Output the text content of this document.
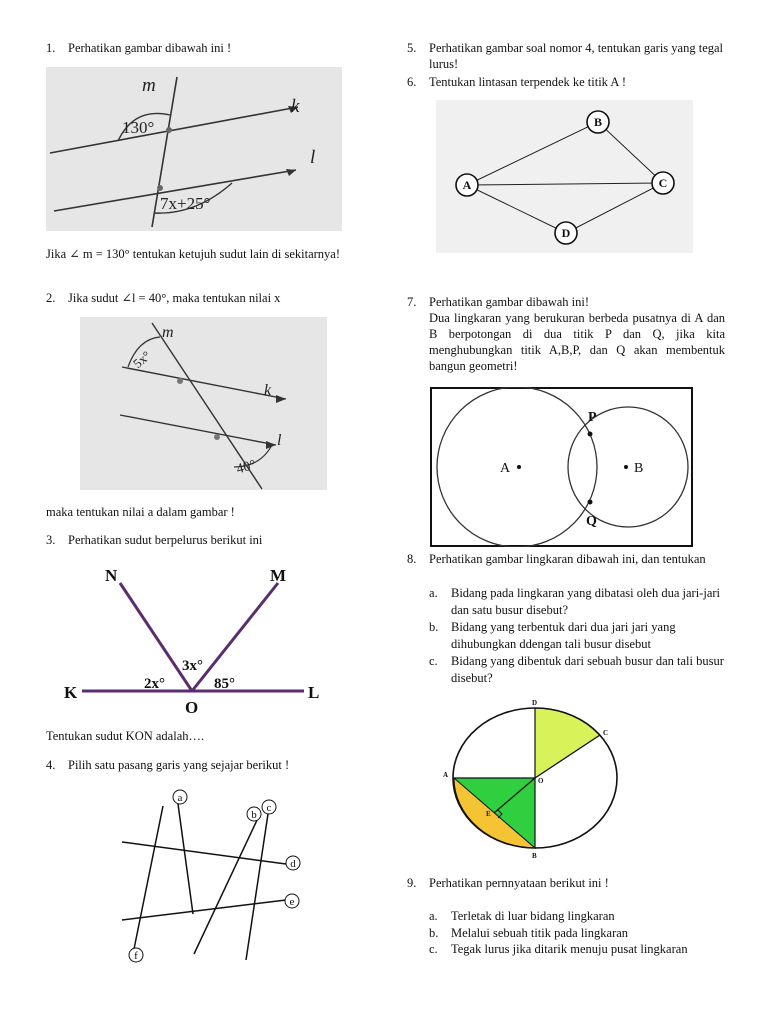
1.	Perhatikan gambar dibawah ini !
m
k
l
130°
7x+25°
Jika ∠ m = 130° tentukan ketujuh sudut lain di sekitarnya!
2.	Jika sudut ∠l = 40°, maka tentukan nilai x
m
k
l
5x°
40°
maka tentukan nilai a dalam gambar !
3.	Perhatikan sudut berpelurus berikut ini
N	M
K	L
O
2x°
3x°
85°
Tentukan sudut KON adalah….
4.	Pilih satu pasang garis yang sejajar berikut !
a
b
c
d
e
f
5.	Perhatikan gambar soal nomor 4, tentukan garis yang tegal lurus!
6.	Tentukan lintasan terpendek ke titik A !
A
B
C
D
7.	Perhatikan gambar dibawah ini!
Dua lingkaran yang berukuran berbeda pusatnya di A dan B berpotongan di dua titik P dan Q, jika kita menghubungkan titik A,B,P, dan Q akan membentuk bangun geometri!
A	B
P
Q
8.	Perhatikan gambar lingkaran dibawah ini, dan tentukan
a. Bidang pada lingkaran yang dibatasi oleh dua jari-jari dan satu busur disebut?
b. Bidang yang terbentuk dari dua jari jari yang dihubungkan ddengan tali busur disebut
c. Bidang yang dibentuk dari sebuah busur dan tali busur disebut?
D
C
A
O
E
B
9.	Perhatikan pernnyataan berikut ini !
a. Terletak di luar bidang lingkaran
b. Melalui sebuah titik pada lingkaran
c. Tegak lurus jika ditarik menuju pusat lingkaran
